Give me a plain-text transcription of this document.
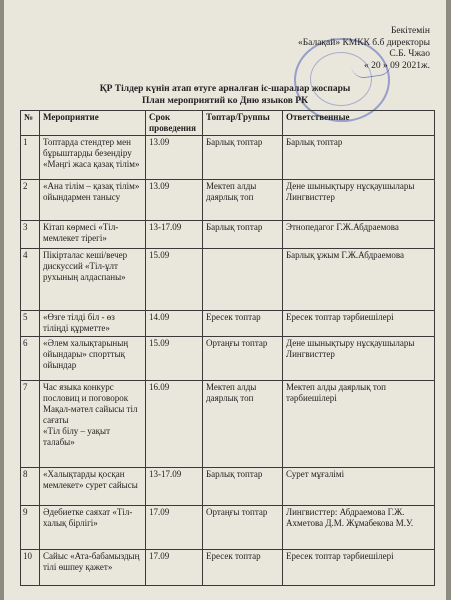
Бекітемін
«Балақай» КМКК б.б директоры
С.Б. Чжао
« 20 » 09 2021ж.
ҚР Тілдер күнін атап өтуге арналған іс-шаралар жоспары
План мероприятий ко Дню языков РК
№	Мероприятие	Срок проведения	Топтар/Группы	Ответственные
1	Топтарда стендтер мен бұрыштарды безендіру «Мәңгі жаса қазақ тілім»	13.09	Барлық топтар	Барлық топтар
2	«Ана тілім – қазақ тілім» ойындармен танысу	13.09	Мектеп алды даярлық топ	Дене шынықтыру нұсқаушылары Лингвисттер
3	Кітап көрмесі «Тіл-мемлекет тірегі»	13-17.09	Барлық топтар	Этнопедагог Г.Ж.Абдраемова
4	Пікірталас кеші/вечер дискуссий «Тіл-ұлт рухының алдаспаны»	15.09		Барлық ұжым Г.Ж.Абдраемова
5	«Өзге тілді біл - өз тіліңді құрметте»	14.09	Ересек топтар	Ересек топтар тәрбиешілері
6	«Әлем халықтарының ойындары» спорттық ойындар	15.09	Ортаңғы топтар	Дене шынықтыру нұсқаушылары Лингвисттер
7	Час языка конкурс пословиц и поговорок Мақал-мәтел сайысы тіл сағаты
«Тіл білу – уақыт талабы»	16.09	Мектеп алды даярлық топ	Мектеп алды даярлық топ тәрбиешілері
8	«Халықтарды қосқан мемлекет» сурет сайысы	13-17.09	Барлық топтар	Сурет мұғалімі
9	Әдебиетке саяхат «Тіл-халық бірлігі»	17.09	Ортаңғы топтар	Лингвисттер: Абдраемова Г.Ж. Ахметова Д.М. Жұмабекова М.У.
10	Сайыс «Ата-бабамыздың тілі өшпеу қажет»	17.09	Ересек топтар	Ересек топтар тәрбиешілері
